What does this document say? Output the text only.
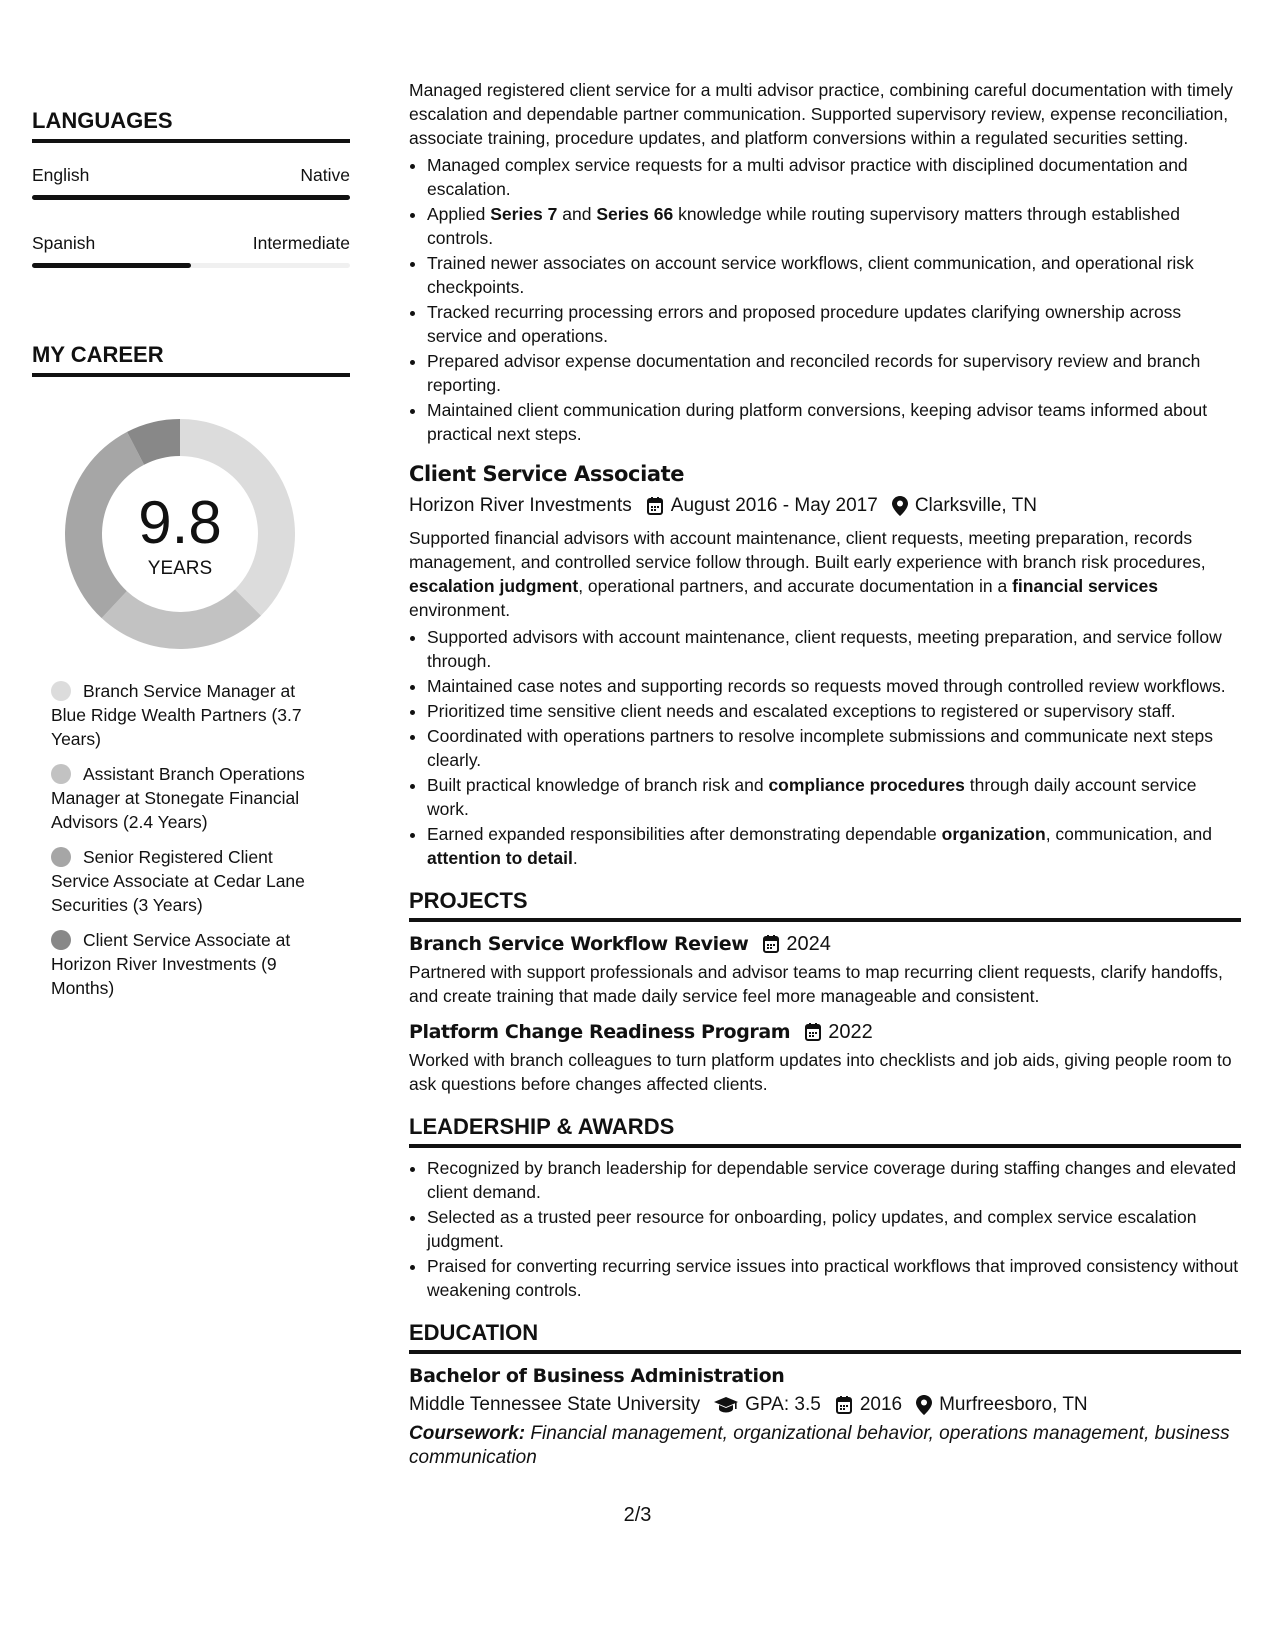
LANGUAGES
English	Native
Spanish	Intermediate
MY CAREER
9.8
YEARS
Branch Service Manager at Blue Ridge Wealth Partners (3.7 Years)
Assistant Branch Operations Manager at Stonegate Financial Advisors (2.4 Years)
Senior Registered Client Service Associate at Cedar Lane Securities (3 Years)
Client Service Associate at Horizon River Investments (9 Months)

Managed registered client service for a multi advisor practice, combining careful documentation with timely escalation and dependable partner communication. Supported supervisory review, expense reconciliation, associate training, procedure updates, and platform conversions within a regulated securities setting.

• Managed complex service requests for a multi advisor practice with disciplined documentation and escalation.
• Applied Series 7 and Series 66 knowledge while routing supervisory matters through established controls.
• Trained newer associates on account service workflows, client communication, and operational risk checkpoints.
• Tracked recurring processing errors and proposed procedure updates clarifying ownership across service and operations.
• Prepared advisor expense documentation and reconciled records for supervisory review and branch reporting.
• Maintained client communication during platform conversions, keeping advisor teams informed about practical next steps.
Client Service Associate
Horizon River Investments August 2016 - May 2017 Clarksville, TN

Supported financial advisors with account maintenance, client requests, meeting preparation, records management, and controlled service follow through. Built early experience with branch risk procedures, escalation judgment, operational partners, and accurate documentation in a financial services environment.

• Supported advisors with account maintenance, client requests, meeting preparation, and service follow through.
• Maintained case notes and supporting records so requests moved through controlled review workflows.
• Prioritized time sensitive client needs and escalated exceptions to registered or supervisory staff.
• Coordinated with operations partners to resolve incomplete submissions and communicate next steps clearly.
• Built practical knowledge of branch risk and compliance procedures through daily account service work.
• Earned expanded responsibilities after demonstrating dependable organization, communication, and attention to detail.
PROJECTS
Branch Service Workflow Review 2024

Partnered with support professionals and advisor teams to map recurring client requests, clarify handoffs, and create training that made daily service feel more manageable and consistent.

Platform Change Readiness Program 2022

Worked with branch colleagues to turn platform updates into checklists and job aids, giving people room to ask questions before changes affected clients.

LEADERSHIP & AWARDS
• Recognized by branch leadership for dependable service coverage during staffing changes and elevated client demand.
• Selected as a trusted peer resource for onboarding, policy updates, and complex service escalation judgment.
• Praised for converting recurring service issues into practical workflows that improved consistency without weakening controls.
EDUCATION
Bachelor of Business Administration
Middle Tennessee State University GPA: 3.5 2016 Murfreesboro, TN

Coursework: Financial management, organizational behavior, operations management, business communication

2/3
